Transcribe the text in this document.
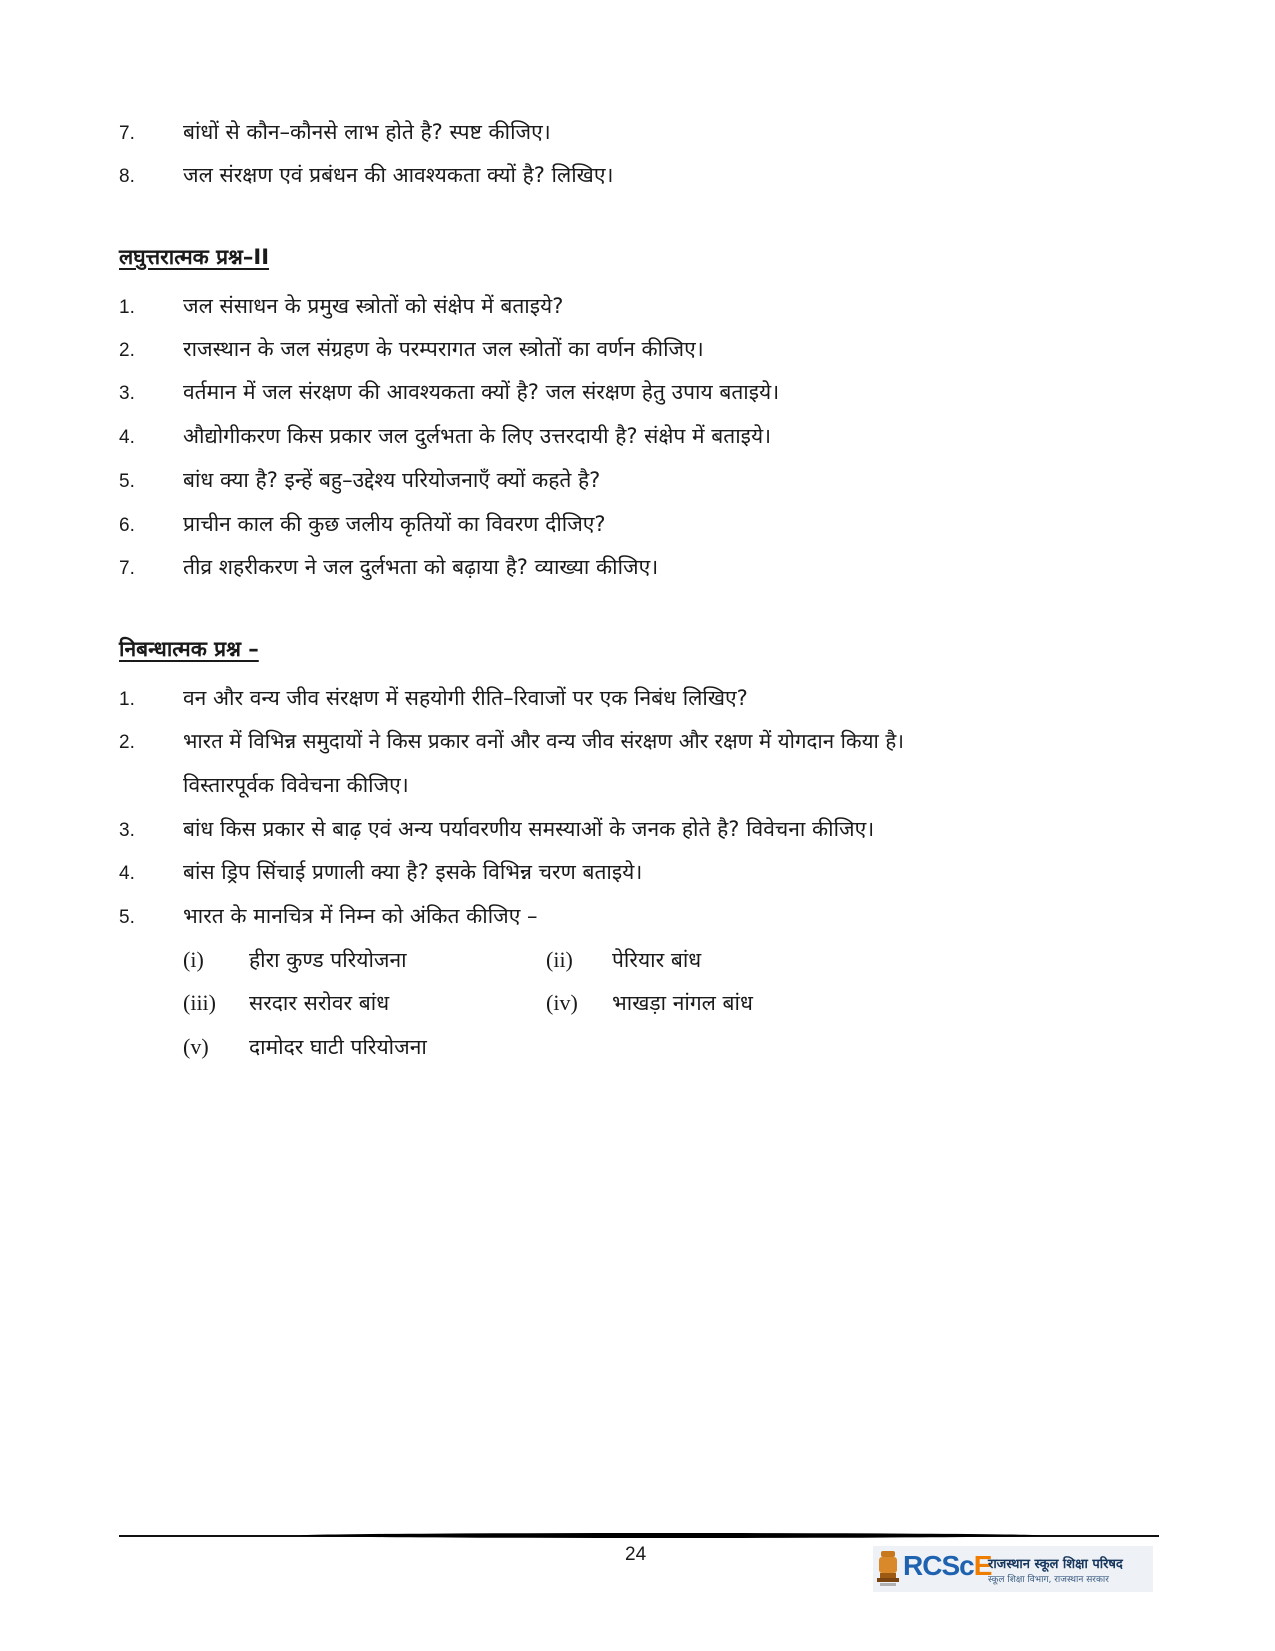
7. बांधों से कौन–कौनसे लाभ होते है? स्पष्ट कीजिए।
8. जल संरक्षण एवं प्रबंधन की आवश्यकता क्यों है? लिखिए।
लघुत्तरात्मक प्रश्न–II
1. जल संसाधन के प्रमुख स्त्रोतों को संक्षेप में बताइये?
2. राजस्थान के जल संग्रहण के परम्परागत जल स्त्रोतों का वर्णन कीजिए।
3. वर्तमान में जल संरक्षण की आवश्यकता क्यों है? जल संरक्षण हेतु उपाय बताइये।
4. औद्योगीकरण किस प्रकार जल दुर्लभता के लिए उत्तरदायी है? संक्षेप में बताइये।
5. बांध क्या है? इन्हें बहु–उद्देश्य परियोजनाएँ क्यों कहते है?
6. प्राचीन काल की कुछ जलीय कृतियों का विवरण दीजिए?
7. तीव्र शहरीकरण ने जल दुर्लभता को बढ़ाया है? व्याख्या कीजिए।
निबन्धात्मक प्रश्न –
1. वन और वन्य जीव संरक्षण में सहयोगी रीति–रिवाजों पर एक निबंध लिखिए?
2. भारत में विभिन्न समुदायों ने किस प्रकार वनों और वन्य जीव संरक्षण और रक्षण में योगदान किया है।
विस्तारपूर्वक विवेचना कीजिए।
3. बांध किस प्रकार से बाढ़ एवं अन्य पर्यावरणीय समस्याओं के जनक होते है? विवेचना कीजिए।
4. बांस ड्रिप सिंचाई प्रणाली क्या है? इसके विभिन्न चरण बताइये।
5. भारत के मानचित्र में निम्न को अंकित कीजिए –
(i) हीरा कुण्ड परियोजना	(ii) पेरियार बांध
(iii) सरदार सरोवर बांध	(iv) भाखड़ा नांगल बांध
(v) दामोदर घाटी परियोजना
24	RCScE
राजस्थान स्कूल शिक्षा परिषद
स्कूल शिक्षा विभाग, राजस्थान सरकार
